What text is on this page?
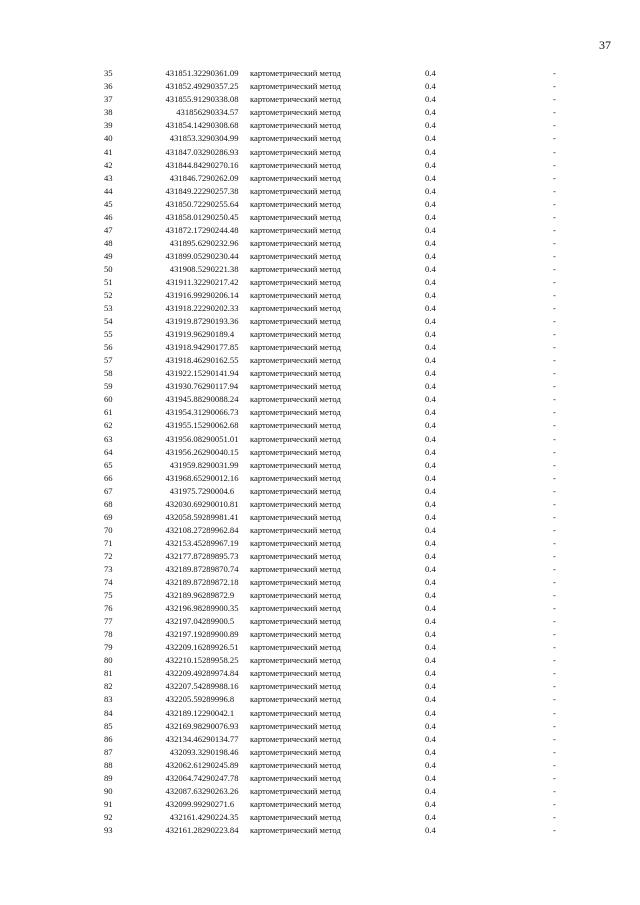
37
35	431851.32	290361.09	картометрический метод	0.4	-
36	431852.49	290357.25	картометрический метод	0.4	-
37	431855.91	290338.08	картометрический метод	0.4	-
38	431856	290334.57	картометрический метод	0.4	-
39	431854.14	290308.68	картометрический метод	0.4	-
40	431853.3	290304.99	картометрический метод	0.4	-
41	431847.03	290286.93	картометрический метод	0.4	-
42	431844.84	290270.16	картометрический метод	0.4	-
43	431846.7	290262.09	картометрический метод	0.4	-
44	431849.22	290257.38	картометрический метод	0.4	-
45	431850.72	290255.64	картометрический метод	0.4	-
46	431858.01	290250.45	картометрический метод	0.4	-
47	431872.17	290244.48	картометрический метод	0.4	-
48	431895.6	290232.96	картометрический метод	0.4	-
49	431899.05	290230.44	картометрический метод	0.4	-
50	431908.5	290221.38	картометрический метод	0.4	-
51	431911.32	290217.42	картометрический метод	0.4	-
52	431916.99	290206.14	картометрический метод	0.4	-
53	431918.22	290202.33	картометрический метод	0.4	-
54	431919.87	290193.36	картометрический метод	0.4	-
55	431919.96	290189.4	картометрический метод	0.4	-
56	431918.94	290177.85	картометрический метод	0.4	-
57	431918.46	290162.55	картометрический метод	0.4	-
58	431922.15	290141.94	картометрический метод	0.4	-
59	431930.76	290117.94	картометрический метод	0.4	-
60	431945.88	290088.24	картометрический метод	0.4	-
61	431954.31	290066.73	картометрический метод	0.4	-
62	431955.15	290062.68	картометрический метод	0.4	-
63	431956.08	290051.01	картометрический метод	0.4	-
64	431956.26	290040.15	картометрический метод	0.4	-
65	431959.8	290031.99	картометрический метод	0.4	-
66	431968.65	290012.16	картометрический метод	0.4	-
67	431975.7	290004.6	картометрический метод	0.4	-
68	432030.69	290010.81	картометрический метод	0.4	-
69	432058.59	289981.41	картометрический метод	0.4	-
70	432108.27	289962.84	картометрический метод	0.4	-
71	432153.45	289967.19	картометрический метод	0.4	-
72	432177.87	289895.73	картометрический метод	0.4	-
73	432189.87	289870.74	картометрический метод	0.4	-
74	432189.87	289872.18	картометрический метод	0.4	-
75	432189.96	289872.9	картометрический метод	0.4	-
76	432196.98	289900.35	картометрический метод	0.4	-
77	432197.04	289900.5	картометрический метод	0.4	-
78	432197.19	289900.89	картометрический метод	0.4	-
79	432209.16	289926.51	картометрический метод	0.4	-
80	432210.15	289958.25	картометрический метод	0.4	-
81	432209.49	289974.84	картометрический метод	0.4	-
82	432207.54	289988.16	картометрический метод	0.4	-
83	432205.59	289996.8	картометрический метод	0.4	-
84	432189.12	290042.1	картометрический метод	0.4	-
85	432169.98	290076.93	картометрический метод	0.4	-
86	432134.46	290134.77	картометрический метод	0.4	-
87	432093.3	290198.46	картометрический метод	0.4	-
88	432062.61	290245.89	картометрический метод	0.4	-
89	432064.74	290247.78	картометрический метод	0.4	-
90	432087.63	290263.26	картометрический метод	0.4	-
91	432099.99	290271.6	картометрический метод	0.4	-
92	432161.4	290224.35	картометрический метод	0.4	-
93	432161.28	290223.84	картометрический метод	0.4	-
